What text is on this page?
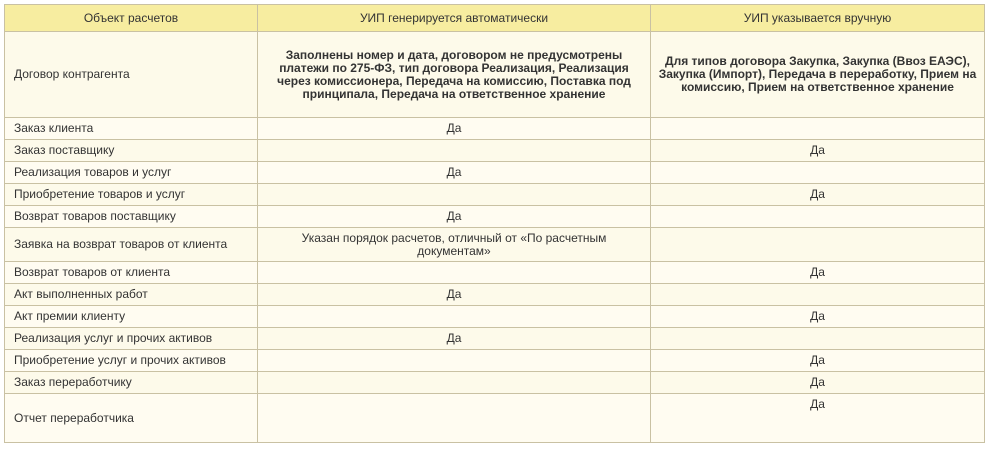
Объект расчетов	УИП генерируется автоматически	УИП указывается вручную
Договор контрагента	Заполнены номер и дата, договором не предусмотрены платежи по 275-ФЗ, тип договора Реализация, Реализация через комиссионера, Передача на комиссию, Поставка под принципала, Передача на ответственное хранение	Для типов договора Закупка, Закупка (Ввоз ЕАЭС), Закупка (Импорт), Передача в переработку, Прием на комиссию, Прием на ответственное хранение
Заказ клиента	Да	
Заказ поставщику		Да
Реализация товаров и услуг	Да	
Приобретение товаров и услуг		Да
Возврат товаров поставщику	Да	
Заявка на возврат товаров от клиента	Указан порядок расчетов, отличный от «По расчетным документам»	
Возврат товаров от клиента		Да
Акт выполненных работ	Да	
Акт премии клиенту		Да
Реализация услуг и прочих активов	Да	
Приобретение услуг и прочих активов		Да
Заказ переработчику		Да
Отчет переработчика		Да
